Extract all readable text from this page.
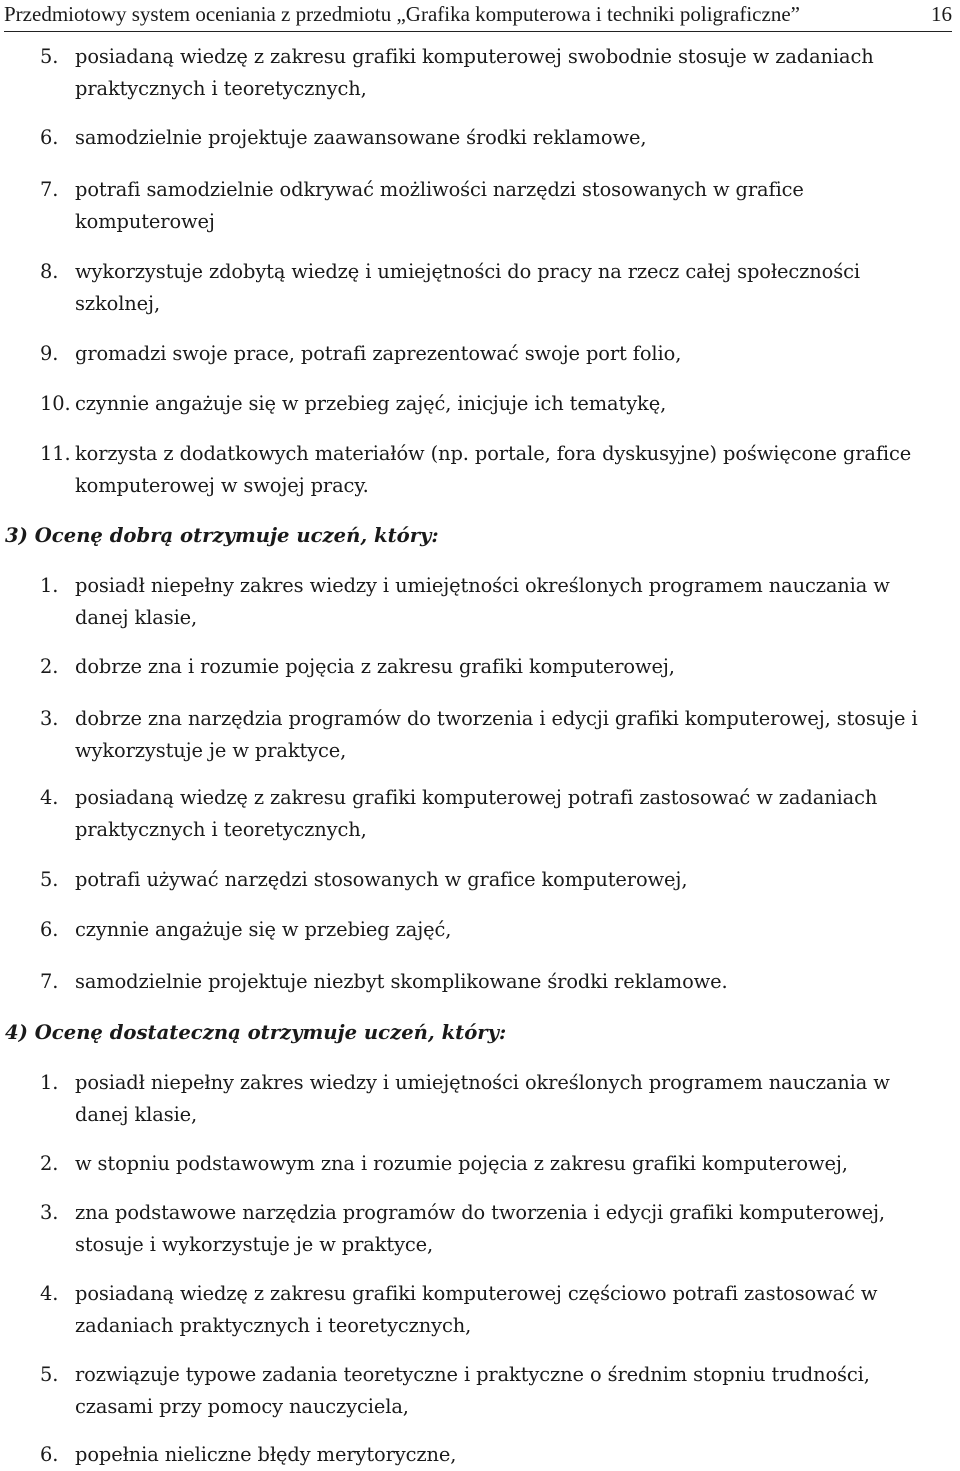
Przedmiotowy system oceniania z przedmiotu „Grafika komputerowa i techniki poligraficzne”	16
5. posiadaną wiedzę z zakresu grafiki komputerowej swobodnie stosuje w zadaniach praktycznych i teoretycznych,
6. samodzielnie projektuje zaawansowane środki reklamowe,
7. potrafi samodzielnie odkrywać możliwości narzędzi stosowanych w grafice komputerowej
8. wykorzystuje zdobytą wiedzę i umiejętności do pracy na rzecz całej społeczności szkolnej,
9. gromadzi swoje prace, potrafi zaprezentować swoje port folio,
10. czynnie angażuje się w przebieg zajęć, inicjuje ich tematykę,
11. korzysta z dodatkowych materiałów (np. portale, fora dyskusyjne) poświęcone grafice komputerowej w swojej pracy.
3) Ocenę dobrą otrzymuje uczeń, który:
1. posiadł niepełny zakres wiedzy i umiejętności określonych programem nauczania w danej klasie,
2. dobrze zna i rozumie pojęcia z zakresu grafiki komputerowej,
3. dobrze zna narzędzia programów do tworzenia i edycji grafiki komputerowej, stosuje i wykorzystuje je w praktyce,
4. posiadaną wiedzę z zakresu grafiki komputerowej potrafi zastosować w zadaniach praktycznych i teoretycznych,
5. potrafi używać narzędzi stosowanych w grafice komputerowej,
6. czynnie angażuje się w przebieg zajęć,
7. samodzielnie projektuje niezbyt skomplikowane środki reklamowe.
4) Ocenę dostateczną otrzymuje uczeń, który:
1. posiadł niepełny zakres wiedzy i umiejętności określonych programem nauczania w danej klasie,
2. w stopniu podstawowym zna i rozumie pojęcia z zakresu grafiki komputerowej,
3. zna podstawowe narzędzia programów do tworzenia i edycji grafiki komputerowej, stosuje i wykorzystuje je w praktyce,
4. posiadaną wiedzę z zakresu grafiki komputerowej częściowo potrafi zastosować w zadaniach praktycznych i teoretycznych,
5. rozwiązuje typowe zadania teoretyczne i praktyczne o średnim stopniu trudności, czasami przy pomocy nauczyciela,
6. popełnia nieliczne błędy merytoryczne,
